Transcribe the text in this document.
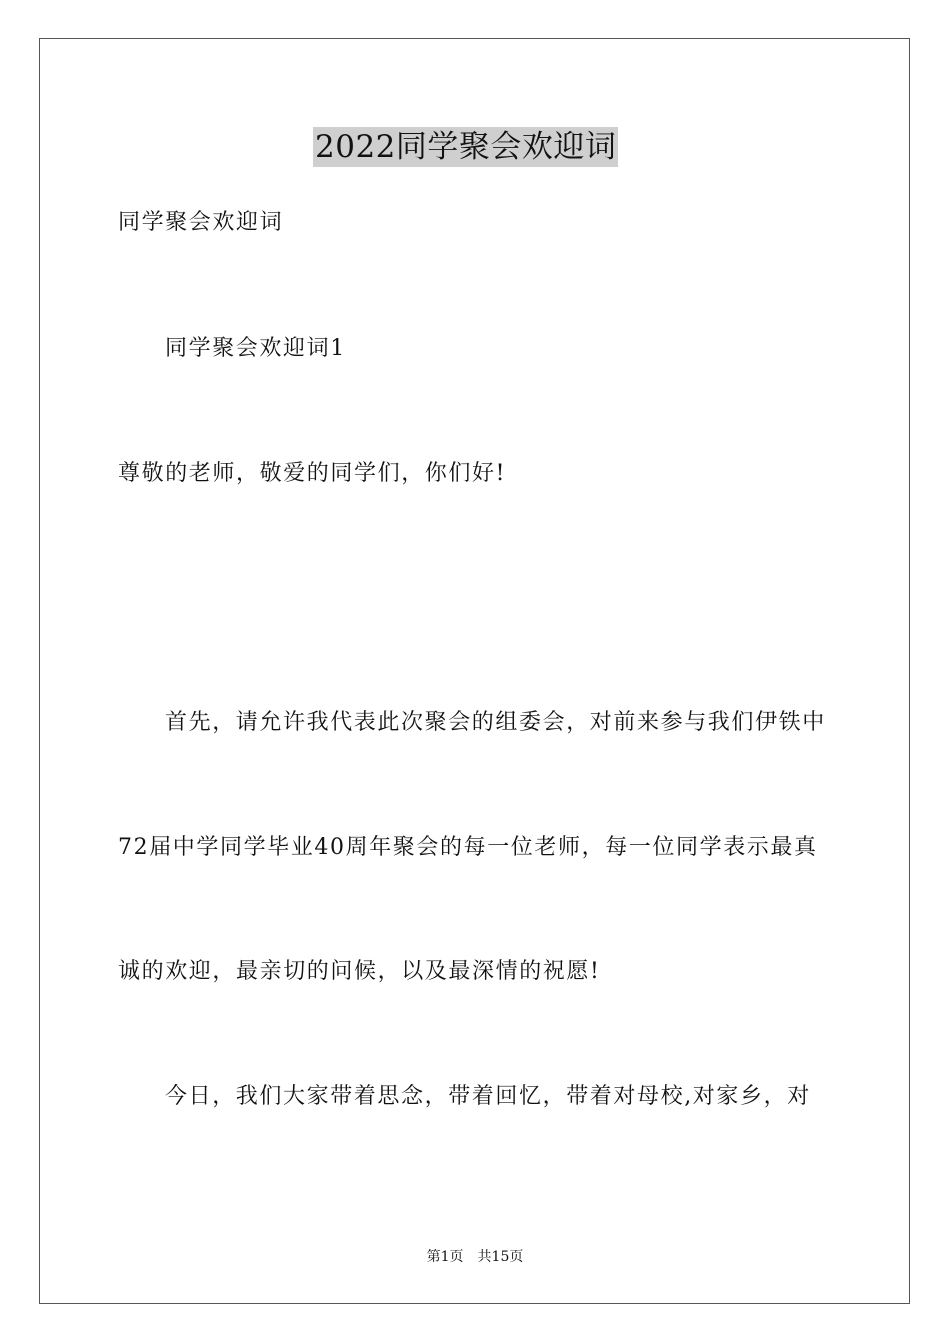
2022同学聚会欢迎词
同学聚会欢迎词
同学聚会欢迎词1
尊敬的老师，敬爱的同学们，你们好!
首先，请允许我代表此次聚会的组委会，对前来参与我们伊铁中
72届中学同学毕业40周年聚会的每一位老师，每一位同学表示最真
诚的欢迎，最亲切的问候，以及最深情的祝愿!
今日，我们大家带着思念，带着回忆，带着对母校,对家乡，对
第1页 共15页
